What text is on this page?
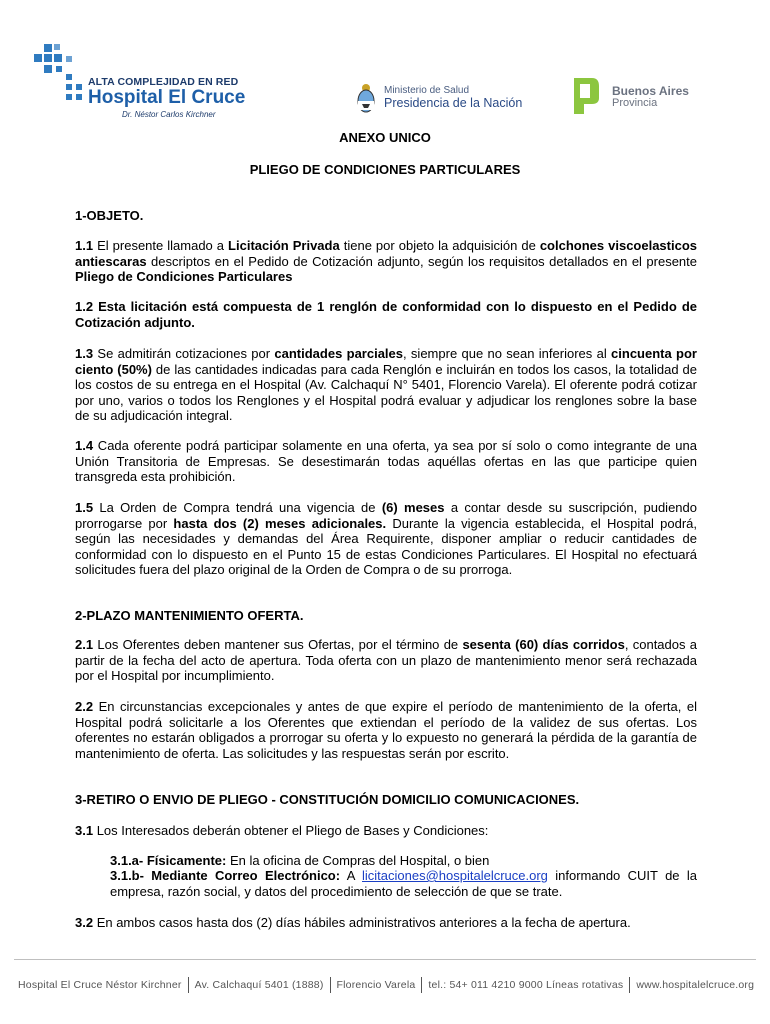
ALTA COMPLEJIDAD EN RED
Hospital El Cruce
Dr. Néstor Carlos Kirchner
Ministerio de Salud
Presidencia de la Nación
Buenos Aires
Provincia
ANEXO UNICO
PLIEGO DE CONDICIONES PARTICULARES

1-OBJETO.

1.1 El presente llamado a Licitación Privada tiene por objeto la adquisición de colchones viscoelasticos antiescaras descriptos en el Pedido de Cotización adjunto, según los requisitos detallados en el presente Pliego de Condiciones Particulares

1.2 Esta licitación está compuesta de 1 renglón de conformidad con lo dispuesto en el Pedido de Cotización adjunto.

1.3 Se admitirán cotizaciones por cantidades parciales, siempre que no sean inferiores al cincuenta por ciento (50%) de las cantidades indicadas para cada Renglón e incluirán en todos los casos, la totalidad de los costos de su entrega en el Hospital (Av. Calchaquí N° 5401, Florencio Varela). El oferente podrá cotizar por uno, varios o todos los Renglones y el Hospital podrá evaluar y adjudicar los renglones sobre la base de su adjudicación integral.

1.4 Cada oferente podrá participar solamente en una oferta, ya sea por sí solo o como integrante de una Unión Transitoria de Empresas. Se desestimarán todas aquéllas ofertas en las que participe quien transgreda esta prohibición.

1.5 La Orden de Compra tendrá una vigencia de (6) meses a contar desde su suscripción, pudiendo prorrogarse por hasta dos (2) meses adicionales. Durante la vigencia establecida, el Hospital podrá, según las necesidades y demandas del Área Requirente, disponer ampliar o reducir cantidades de conformidad con lo dispuesto en el Punto 15 de estas Condiciones Particulares. El Hospital no efectuará solicitudes fuera del plazo original de la Orden de Compra o de su prorroga.

2-PLAZO MANTENIMIENTO OFERTA.

2.1 Los Oferentes deben mantener sus Ofertas, por el término de sesenta (60) días corridos, contados a partir de la fecha del acto de apertura. Toda oferta con un plazo de mantenimiento menor será rechazada por el Hospital por incumplimiento.

2.2 En circunstancias excepcionales y antes de que expire el período de mantenimiento de la oferta, el Hospital podrá solicitarle a los Oferentes que extiendan el período de la validez de sus ofertas. Los oferentes no estarán obligados a prorrogar su oferta y lo expuesto no generará la pérdida de la garantía de mantenimiento de oferta. Las solicitudes y las respuestas serán por escrito.

3-RETIRO O ENVIO DE PLIEGO - CONSTITUCIÓN DOMICILIO COMUNICACIONES.

3.1 Los Interesados deberán obtener el Pliego de Bases y Condiciones:

3.1.a- Físicamente: En la oficina de Compras del Hospital, o bien

3.1.b- Mediante Correo Electrónico: A licitaciones@hospitalelcruce.org informando CUIT de la empresa, razón social, y datos del procedimiento de selección de que se trate.

3.2 En ambos casos hasta dos (2) días hábiles administrativos anteriores a la fecha de apertura.

Hospital El Cruce Néstor Kirchner Av. Calchaquí 5401 (1888) Florencio Varela tel.: 54+ 011 4210 9000 Líneas rotativas www.hospitalelcruce.org
